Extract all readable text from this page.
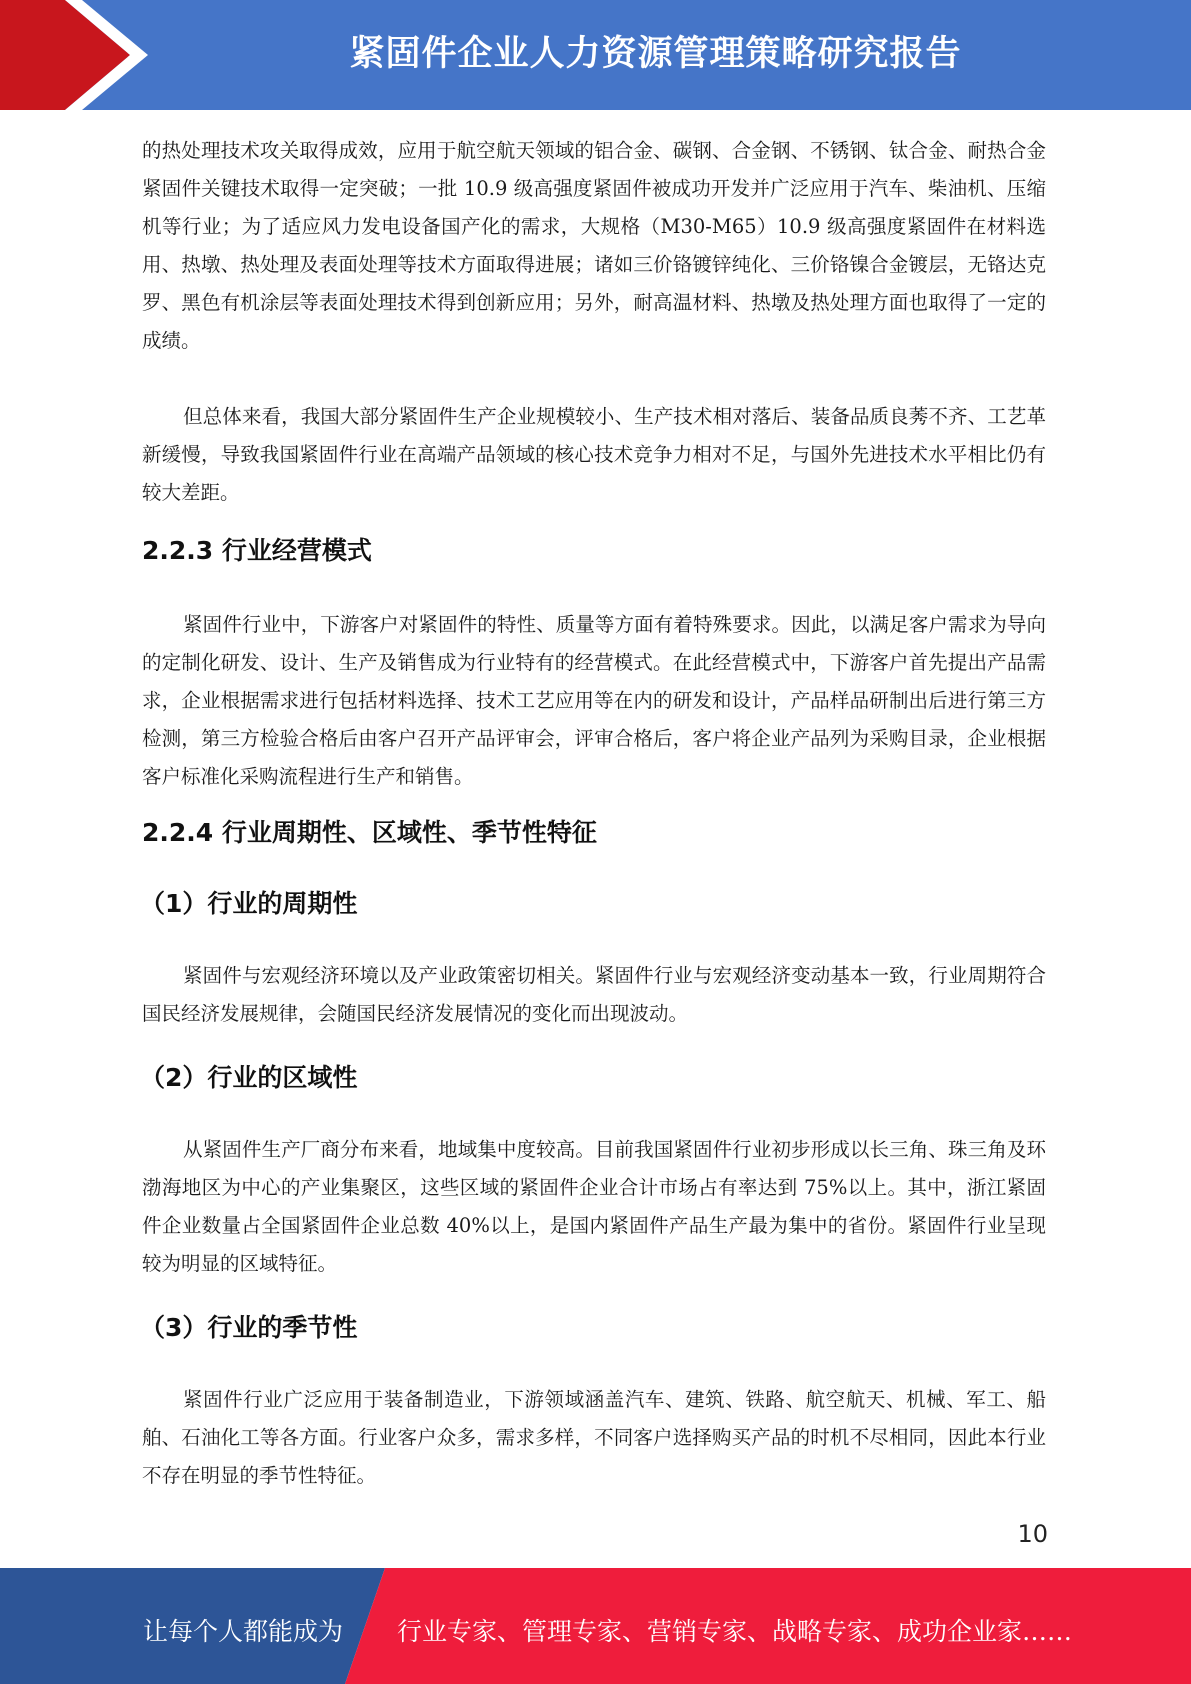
紧固件企业人力资源管理策略研究报告

的热处理技术攻关取得成效，应用于航空航天领域的铝合金、碳钢、合金钢、不锈钢、钛合金、耐热合金紧固件关键技术取得一定突破；一批 10.9 级高强度紧固件被成功开发并广泛应用于汽车、柴油机、压缩机等行业；为了适应风力发电设备国产化的需求，大规格（M30-M65）10.9 级高强度紧固件在材料选用、热墩、热处理及表面处理等技术方面取得进展；诸如三价铬镀锌纯化、三价铬镍合金镀层，无铬达克罗、黑色有机涂层等表面处理技术得到创新应用；另外，耐高温材料、热墩及热处理方面也取得了一定的成绩。

但总体来看，我国大部分紧固件生产企业规模较小、生产技术相对落后、装备品质良莠不齐、工艺革新缓慢，导致我国紧固件行业在高端产品领域的核心技术竞争力相对不足，与国外先进技术水平相比仍有较大差距。

2.2.3 行业经营模式

紧固件行业中，下游客户对紧固件的特性、质量等方面有着特殊要求。因此，以满足客户需求为导向的定制化研发、设计、生产及销售成为行业特有的经营模式。在此经营模式中，下游客户首先提出产品需求，企业根据需求进行包括材料选择、技术工艺应用等在内的研发和设计，产品样品研制出后进行第三方检测，第三方检验合格后由客户召开产品评审会，评审合格后，客户将企业产品列为采购目录，企业根据客户标准化采购流程进行生产和销售。

2.2.4 行业周期性、区域性、季节性特征
（1）行业的周期性

紧固件与宏观经济环境以及产业政策密切相关。紧固件行业与宏观经济变动基本一致，行业周期符合国民经济发展规律，会随国民经济发展情况的变化而出现波动。

（2）行业的区域性

从紧固件生产厂商分布来看，地域集中度较高。目前我国紧固件行业初步形成以长三角、珠三角及环渤海地区为中心的产业集聚区，这些区域的紧固件企业合计市场占有率达到 75%以上。其中，浙江紧固件企业数量占全国紧固件企业总数 40%以上，是国内紧固件产品生产最为集中的省份。紧固件行业呈现较为明显的区域特征。

（3）行业的季节性

紧固件行业广泛应用于装备制造业，下游领域涵盖汽车、建筑、铁路、航空航天、机械、军工、船舶、石油化工等各方面。行业客户众多，需求多样，不同客户选择购买产品的时机不尽相同，因此本行业不存在明显的季节性特征。

10
让每个人都能成为 行业专家、管理专家、营销专家、战略专家、成功企业家……
